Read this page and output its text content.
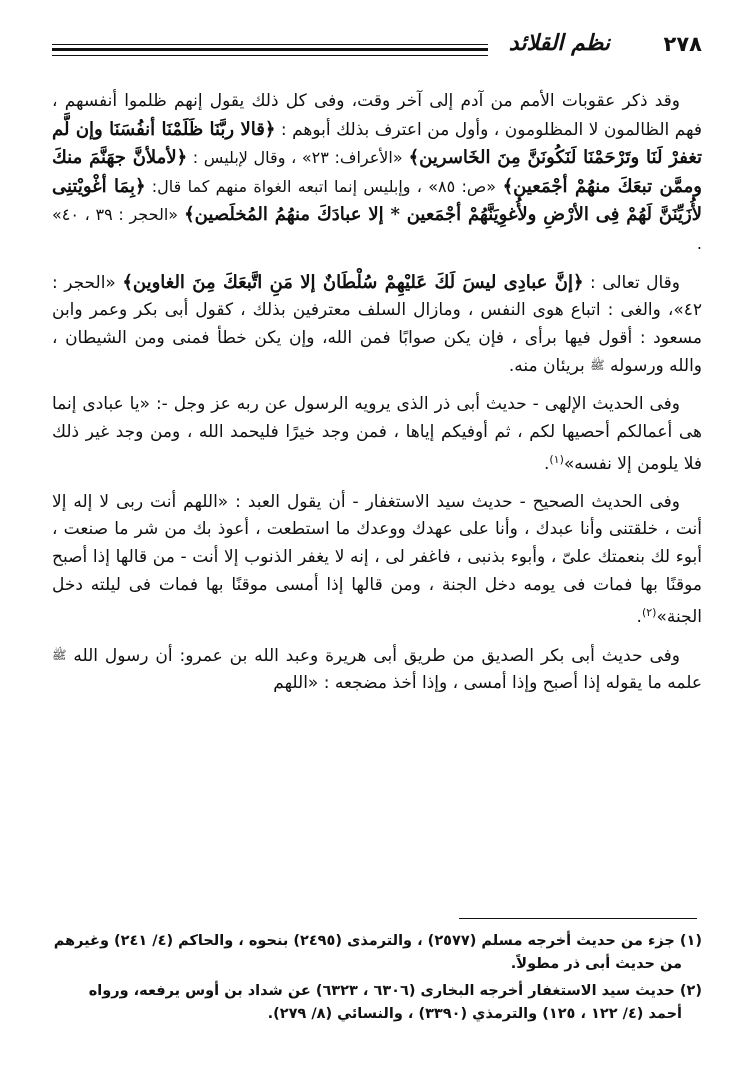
٢٧٨
نظم القلائد

وقد ذكر عقوبات الأمم من آدم إلى آخر وقت، وفى كل ذلك يقول إنهم ظلموا أنفسهم ، فهم الظالمون لا المظلومون ، وأول من اعترف بذلك أبوهم : ﴿قالا ربَّنَا ظَلَمْنَا أنفُسَنَا وإن لَّم تغفرْ لَنَا وتَرْحَمْنَا لَنَكُونَنَّ مِنَ الخَاسرين﴾ «الأعراف: ٢٣» ، وقال لإبليس : ﴿لأملأنَّ جهَنَّمَ منكَ وممَّن تبعَكَ منهُمْ أجْمَعين﴾ «ص: ٨٥» ، وإبليس إنما اتبعه الغواة منهم كما قال: ﴿بِمَا أغْويْتنِى لأُزَيِّنَنَّ لَهُمْ فِى الأرْضِ ولأُغوِيَنَّهُمْ أجْمَعين * إلا عبادَكَ منهُمُ المُخلَصين﴾ «الحجر : ٣٩ ، ٤٠» .

وقال تعالى : ﴿إنَّ عبادِى ليسَ لَكَ عَليْهِمْ سُلْطَانٌ إلا مَنِ اتَّبعَكَ مِنَ الغاوين﴾ «الحجر : ٤٢»، والغى : اتباع هوى النفس ، ومازال السلف معترفين بذلك ، كقول أبى بكر وعمر وابن مسعود : أقول فيها برأى ، فإن يكن صوابًا فمن الله، وإن يكن خطأ فمنى ومن الشيطان ، والله ورسوله ﷺ بريئان منه.

وفى الحديث الإلهى - حديث أبى ذر الذى يرويه الرسول عن ربه عز وجل -: «يا عبادى إنما هى أعمالكم أحصيها لكم ، ثم أوفيكم إياها ، فمن وجد خيرًا فليحمد الله ، ومن وجد غير ذلك فلا يلومن إلا نفسه»$^{(١)}$.

وفى الحديث الصحيح - حديث سيد الاستغفار - أن يقول العبد : «اللهم أنت ربى لا إله إلا أنت ، خلقتنى وأنا عبدك ، وأنا على عهدك ووعدك ما استطعت ، أعوذ بك من شر ما صنعت ، أبوء لك بنعمتك علىّ ، وأبوء بذنبى ، فاغفر لى ، إنه لا يغفر الذنوب إلا أنت - من قالها إذا أصبح موقنًا بها فمات فى يومه دخل الجنة ، ومن قالها إذا أمسى موقنًا بها فمات فى ليلته دخل الجنة»$^{(٢)}$.

وفى حديث أبى بكر الصديق من طريق أبى هريرة وعبد الله بن عمرو: أن رسول الله ﷺ علمه ما يقوله إذا أصبح وإذا أمسى ، وإذا أخذ مضجعه : «اللهم

(١) جزء من حديث أخرجه مسلم (٢٥٧٧) ، والترمذى (٢٤٩٥) بنحوه ، والحاكم (٤/ ٢٤١) وغيرهم من حديث أبى ذر مطولاً.

(٢) حديث سيد الاستغفار أخرجه البخارى (٦٣٠٦ ، ٦٣٢٣) عن شداد بن أوس يرفعه، ورواه أحمد (٤/ ١٢٢ ، ١٢٥) والترمذي (٣٣٩٠) ، والنسائي (٨/ ٢٧٩).
